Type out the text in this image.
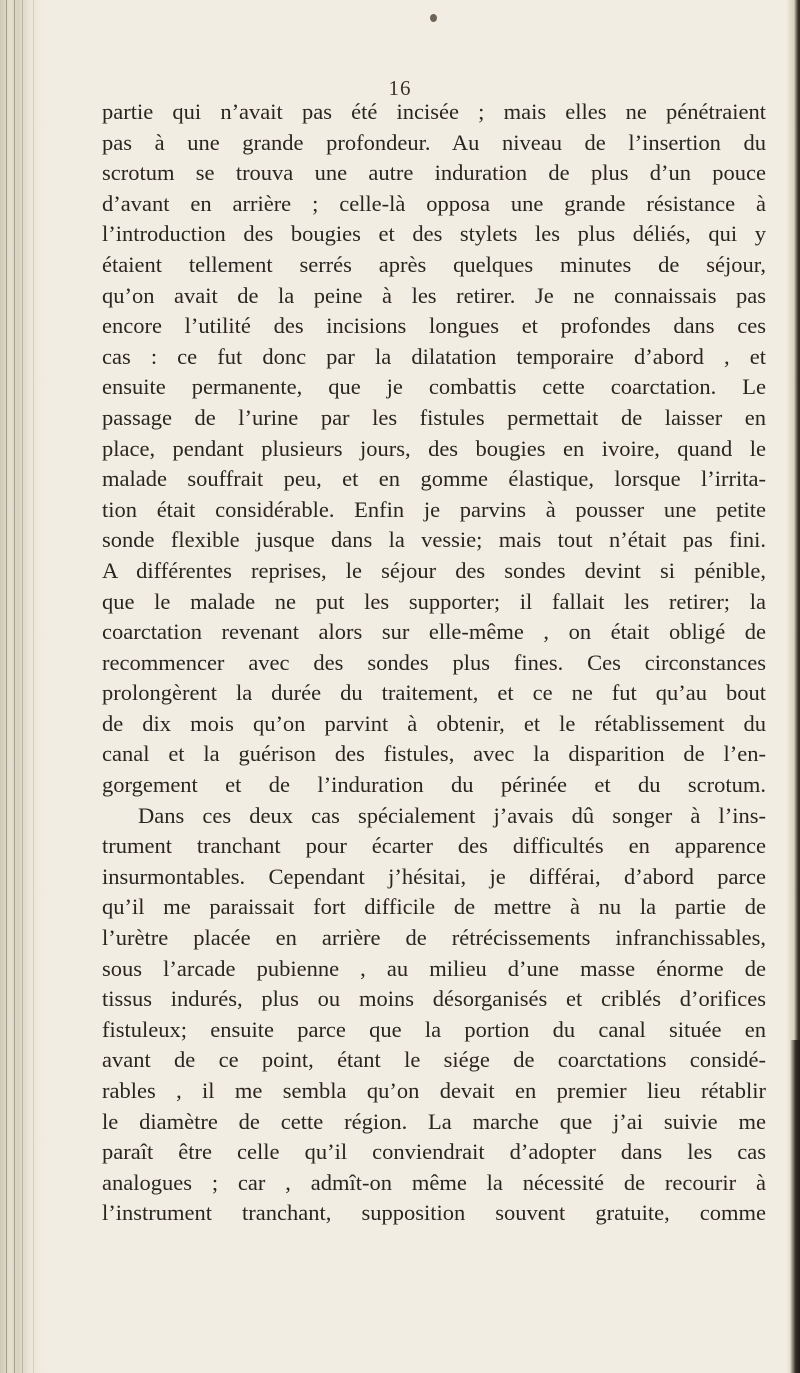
16
partie qui n’avait pas été incisée ; mais elles ne pénétraient
pas à une grande profondeur. Au niveau de l’insertion du
scrotum se trouva une autre induration de plus d’un pouce
d’avant en arrière ; celle-là opposa une grande résistance à
l’introduction des bougies et des stylets les plus déliés, qui y
étaient tellement serrés après quelques minutes de séjour,
qu’on avait de la peine à les retirer. Je ne connaissais pas
encore l’utilité des incisions longues et profondes dans ces
cas : ce fut donc par la dilatation temporaire d’abord , et
ensuite permanente, que je combattis cette coarctation. Le
passage de l’urine par les fistules permettait de laisser en
place, pendant plusieurs jours, des bougies en ivoire, quand le
malade souffrait peu, et en gomme élastique, lorsque l’irrita-
tion était considérable. Enfin je parvins à pousser une petite
sonde flexible jusque dans la vessie; mais tout n’était pas fini.
A différentes reprises, le séjour des sondes devint si pénible,
que le malade ne put les supporter; il fallait les retirer; la
coarctation revenant alors sur elle-même , on était obligé de
recommencer avec des sondes plus fines. Ces circonstances
prolongèrent la durée du traitement, et ce ne fut qu’au bout
de dix mois qu’on parvint à obtenir, et le rétablissement du
canal et la guérison des fistules, avec la disparition de l’en-
gorgement et de l’induration du périnée et du scrotum.
Dans ces deux cas spécialement j’avais dû songer à l’ins-
trument tranchant pour écarter des difficultés en apparence
insurmontables. Cependant j’hésitai, je différai, d’abord parce
qu’il me paraissait fort difficile de mettre à nu la partie de
l’urètre placée en arrière de rétrécissements infranchissables,
sous l’arcade pubienne , au milieu d’une masse énorme de
tissus indurés, plus ou moins désorganisés et criblés d’orifices
fistuleux; ensuite parce que la portion du canal située en
avant de ce point, étant le siége de coarctations considé-
rables , il me sembla qu’on devait en premier lieu rétablir
le diamètre de cette région. La marche que j’ai suivie me
paraît être celle qu’il conviendrait d’adopter dans les cas
analogues ; car , admît-on même la nécessité de recourir à
l’instrument tranchant, supposition souvent gratuite, comme
